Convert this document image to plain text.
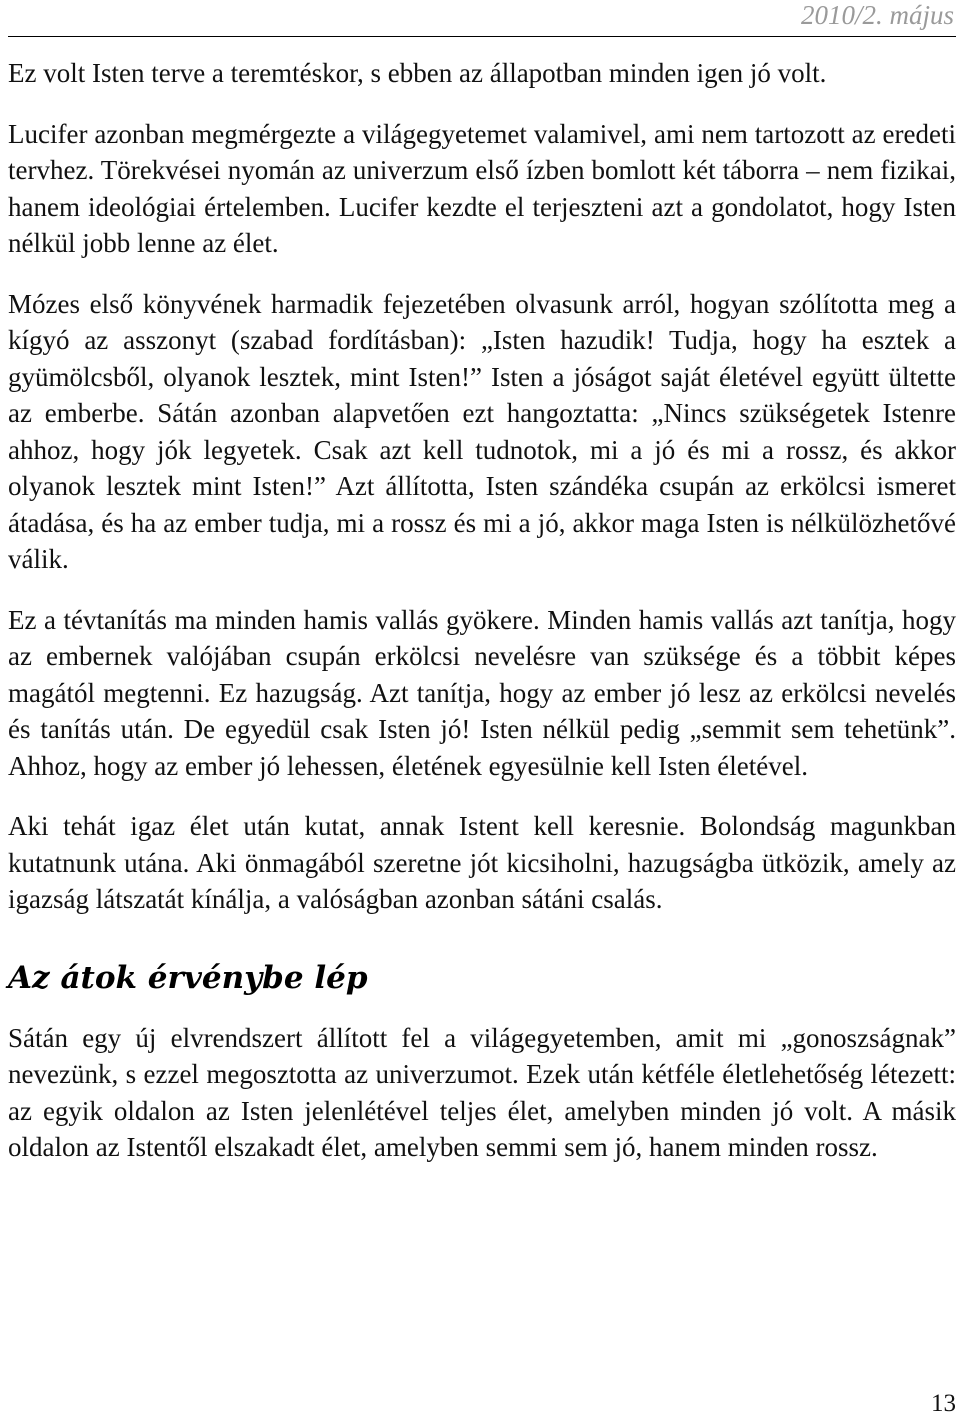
2010/2. május

Ez volt Isten terve a teremtéskor, s ebben az állapotban minden igen jó volt.

Lucifer azonban megmérgezte a világegyetemet valamivel, ami nem tartozott az eredeti tervhez. Törekvései nyomán az univerzum első ízben bomlott két táborra – nem fizikai, hanem ideológiai értelemben. Lucifer kezdte el terjeszteni azt a gondolatot, hogy Isten nélkül jobb lenne az élet.

Mózes első könyvének harmadik fejezetében olvasunk arról, hogyan szólította meg a kígyó az asszonyt (szabad fordításban): „Isten hazudik! Tudja, hogy ha esztek a gyümölcsből, olyanok lesztek, mint Isten!” Isten a jóságot saját életével együtt ültette az emberbe. Sátán azonban alapvetően ezt hangoztatta: „Nincs szükségetek Istenre ahhoz, hogy jók legyetek. Csak azt kell tudnotok, mi a jó és mi a rossz, és akkor olyanok lesztek mint Isten!” Azt állította, Isten szándéka csupán az erkölcsi ismeret átadása, és ha az ember tudja, mi a rossz és mi a jó, akkor maga Isten is nélkülözhetővé válik.

Ez a tévtanítás ma minden hamis vallás gyökere. Minden hamis vallás azt tanítja, hogy az embernek valójában csupán erkölcsi nevelésre van szüksége és a többit képes magától megtenni. Ez hazugság. Azt tanítja, hogy az ember jó lesz az erkölcsi nevelés és tanítás után. De egyedül csak Isten jó! Isten nélkül pedig „semmit sem tehetünk”. Ahhoz, hogy az ember jó lehessen, életének egyesülnie kell Isten életével.

Aki tehát igaz élet után kutat, annak Istent kell keresnie. Bolondság magunkban kutatnunk utána. Aki önmagából szeretne jót kicsiholni, hazugságba ütközik, amely az igazság látszatát kínálja, a valóságban azonban sátáni csalás.

Az átok érvénybe lép

Sátán egy új elvrendszert állított fel a világegyetemben, amit mi „gonoszságnak” nevezünk, s ezzel megosztotta az univerzumot. Ezek után kétféle életlehetőség létezett: az egyik oldalon az Isten jelenlétével teljes élet, amelyben minden jó volt. A másik oldalon az Istentől elszakadt élet, amelyben semmi sem jó, hanem minden rossz.

13
